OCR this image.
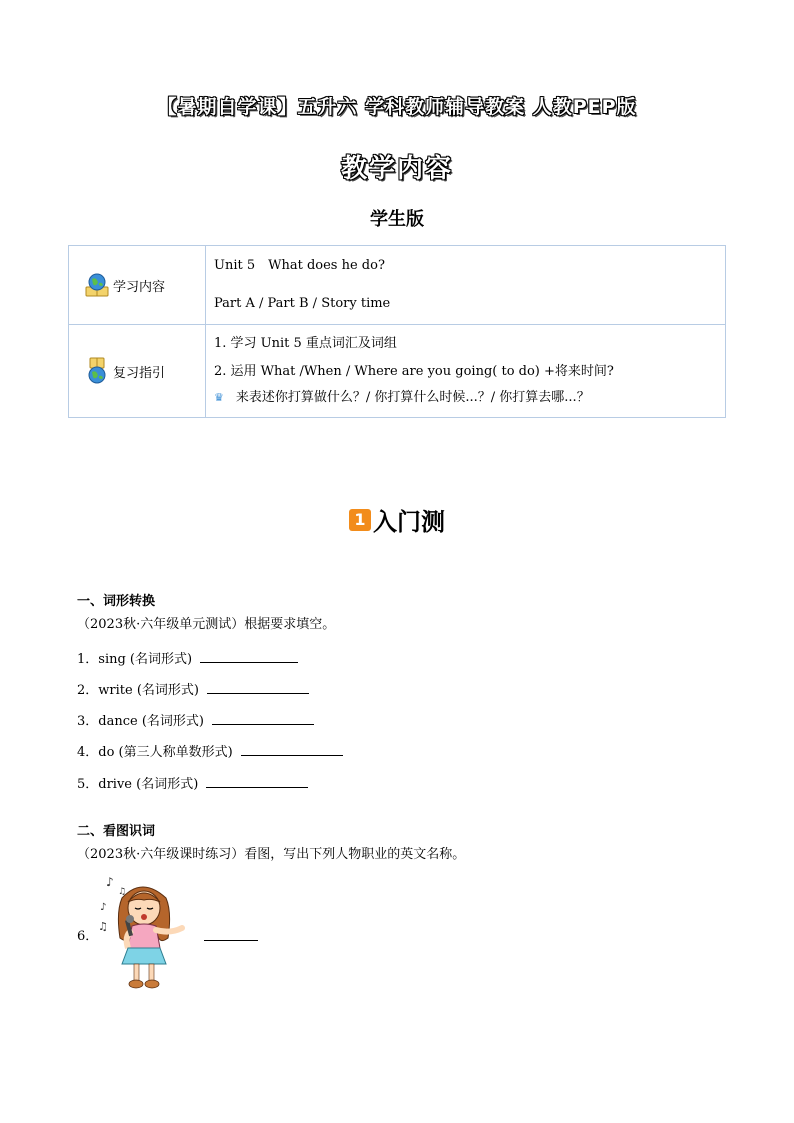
【暑期自学课】五升六 学科教师辅导教案 人教PEP版
教学内容
学生版
学习内容	Unit 5　What does he do?

Part A / Part B / Story time

复习指引	1. 学习 Unit 5 重点词汇及词组

2. 运用 What /When / Where are you going( to do) +将来时间?

♛ 来表述你打算做什么？/ 你打算什么时候...？/ 你打算去哪...？

1 入门测
一、词形转换
（2023秋·六年级单元测试）根据要求填空。
1．sing (名词形式)
2．write (名词形式)
3．dance (名词形式)
4．do (第三人称单数形式)
5．drive (名词形式)
二、看图识词
（2023秋·六年级课时练习）看图，写出下列人物职业的英文名称。
6．
♪
♫
♪
♫
